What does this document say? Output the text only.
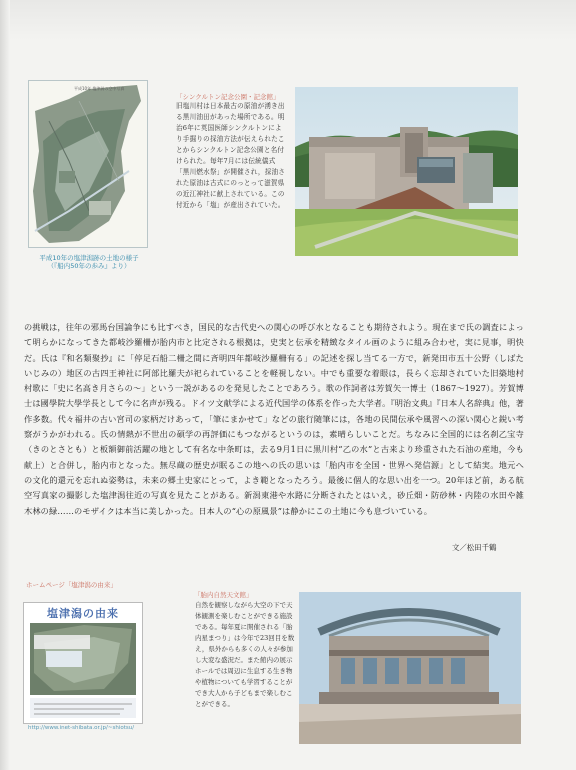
平成10年 塩津潟の空中写真
平成10年の塩津潟跡の土地の様子
（『船内50年の歩み』より）
「シンクルトン記念公園・記念館」
旧塩川村は日本最古の原油が湧き出る黒川油田があった場所である。明治6年に英国医師シンクルトンにより手掘りの採油方法が伝えられたことからシンクルトン記念公園と名付けられた。毎年7月には伝統儀式「黒川燃水祭」が開催され，採油された原油は古式にのっとって滋賀県の近江神社に献上されている。この付近から「塩」が産出されていた。
の挑戦は，往年の邪馬台国論争にも比すべき，国民的な古代史への関心の呼び水となることも期待されよう。現在まで氏の調査によって明らかになってきた都岐沙羅柵が胎内市と比定される根拠は，史実と伝承を精緻なタイル画のように組み合わせ，実に見事，明快だ。氏は『和名類聚抄』に「停足石船二柵之間に斉明四年都岐沙羅柵有る」の記述を探し当てる一方で，新発田市五十公野（しばたいじみの）地区の古四王神社に阿部比羅夫が祀られていることを軽視しない。中でも重要な着眼は，長らく忘却されていた旧築地村村歌に「史に名高き月さらの〜」という一説があるのを発見したことであろう。歌の作詞者は芳賀矢一博士（1867〜1927）。芳賀博士は國學院大學学長として今に名声が残る。ドイツ文献学による近代国学の体系を作った大学者。『明治文典』『日本人名辞典』他，著作多数。代々福井の古い宮司の家柄だけあって，「筆にまかせて」などの旅行随筆には，各地の民間伝承や風習への深い関心と鋭い考察がうかがわれる。氏の情熱が不世出の碩学の再評価にもつながるというのは，素晴らしいことだ。ちなみに全国的には名刹乙宝寺（きのとさとも）と板額御前活躍の地として有名な中条町は，去る9月1日に黒川村“乙の水”と古来より珍重された石油の産地，今も献上）と合併し，胎内市となった。無尽蔵の歴史が眠るこの地への氏の思いは「胎内市を全国・世界へ発信源」として結実。地元への文化的還元を忘れぬ姿勢は，未来の郷土史家にとって，よき範となったろう。最後に個人的な思い出を一つ。20年ほど前，ある航空写真家の撮影した塩津潟往近の写真を見たことがある。新潟東港や水路に分断されたとはいえ，砂丘畑・防砂林・内陸の水田や雑木林の緑……のモザイクは本当に美しかった。日本人の“心の原風景”は静かにこの土地に今も息づいている。
文／松田千鶴
ホームページ「塩津潟の由来」
塩津潟の由来
http://www.inet-shibata.or.jp/~shiotsu/
「胎内自然天文館」
自然を観察しながら大空の下で天体観測を楽しむことができる施設である。毎年夏に開催される「胎内星まつり」は今年で23回目を数え，県外からも多くの人々が参加し大変な盛況だ。また館内の展示ホールでは周辺に生息する生き物や植物についても学習することができ大人から子どもまで楽しむことができる。
